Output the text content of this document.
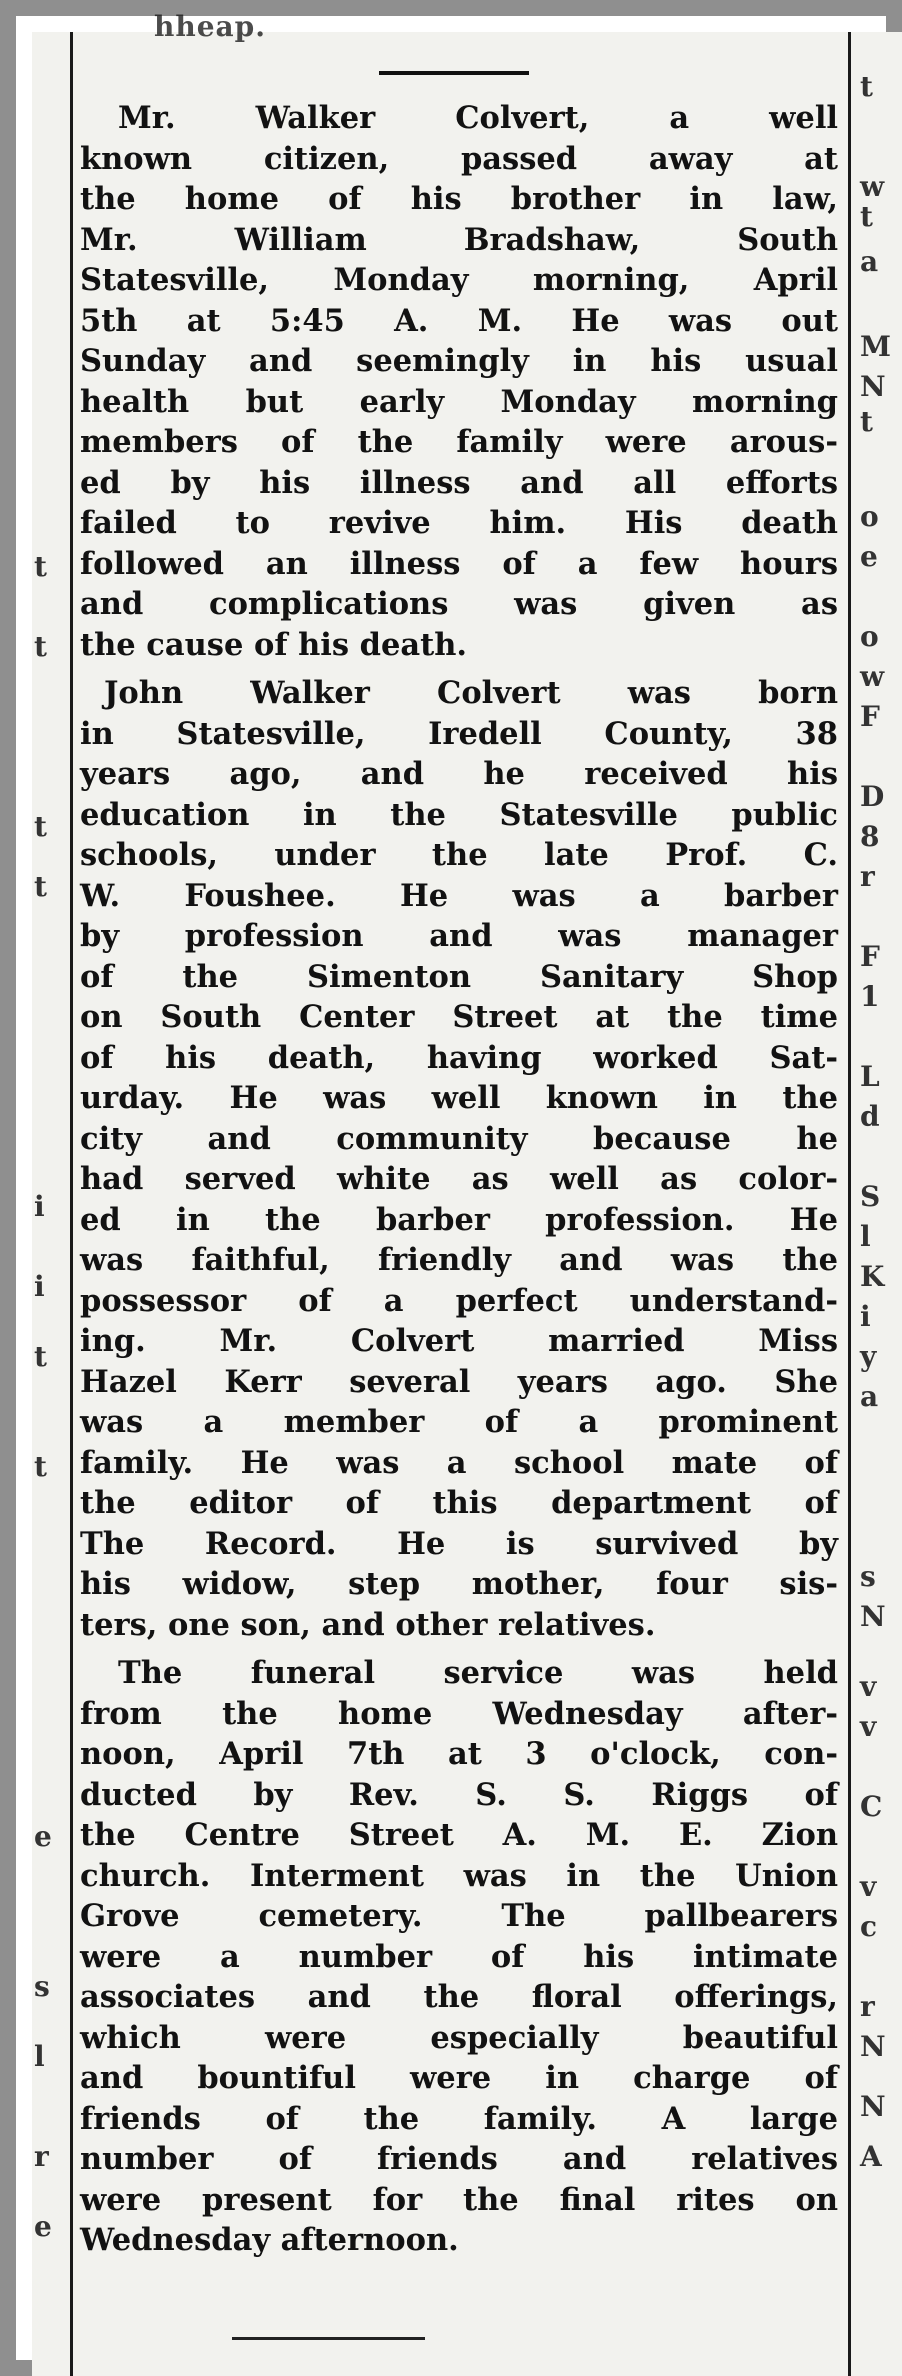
hheap.
t
t
t
t
i
i
t
t
e
s
l
r
e
t
w
t
a
M
N
t
o
e
o
w
F
D
8
r
F
1
L
d
S
l
K
i
y
a
s
N
v
v
C
v
c
r
N
N
A

Mr. Walker Colvert, a well
known citizen, passed away at
the home of his brother in law,
Mr. William Bradshaw, South
Statesville, Monday morning, April
5th at 5:45 A. M. He was out
Sunday and seemingly in his usual
health but early Monday morning
members of the family were arous-
ed by his illness and all efforts
failed to revive him. His death
followed an illness of a few hours
and complications was given as
the cause of his death.

John Walker Colvert was born
in Statesville, Iredell County, 38
years ago, and he received his
education in the Statesville public
schools, under the late Prof. C.
W. Foushee. He was a barber
by profession and was manager
of the Simenton Sanitary Shop
on South Center Street at the time
of his death, having worked Sat-
urday. He was well known in the
city and community because he
had served white as well as color-
ed in the barber profession. He
was faithful, friendly and was the
possessor of a perfect understand-
ing. Mr. Colvert married Miss
Hazel Kerr several years ago. She
was a member of a prominent
family. He was a school mate of
the editor of this department of
The Record. He is survived by
his widow, step mother, four sis-
ters, one son, and other relatives.

The funeral service was held
from the home Wednesday after-
noon, April 7th at 3 o'clock, con-
ducted by Rev. S. S. Riggs of
the Centre Street A. M. E. Zion
church. Interment was in the Union
Grove cemetery. The pallbearers
were a number of his intimate
associates and the floral offerings,
which were especially beautiful
and bountiful were in charge of
friends of the family. A large
number of friends and relatives
were present for the final rites on
Wednesday afternoon.
